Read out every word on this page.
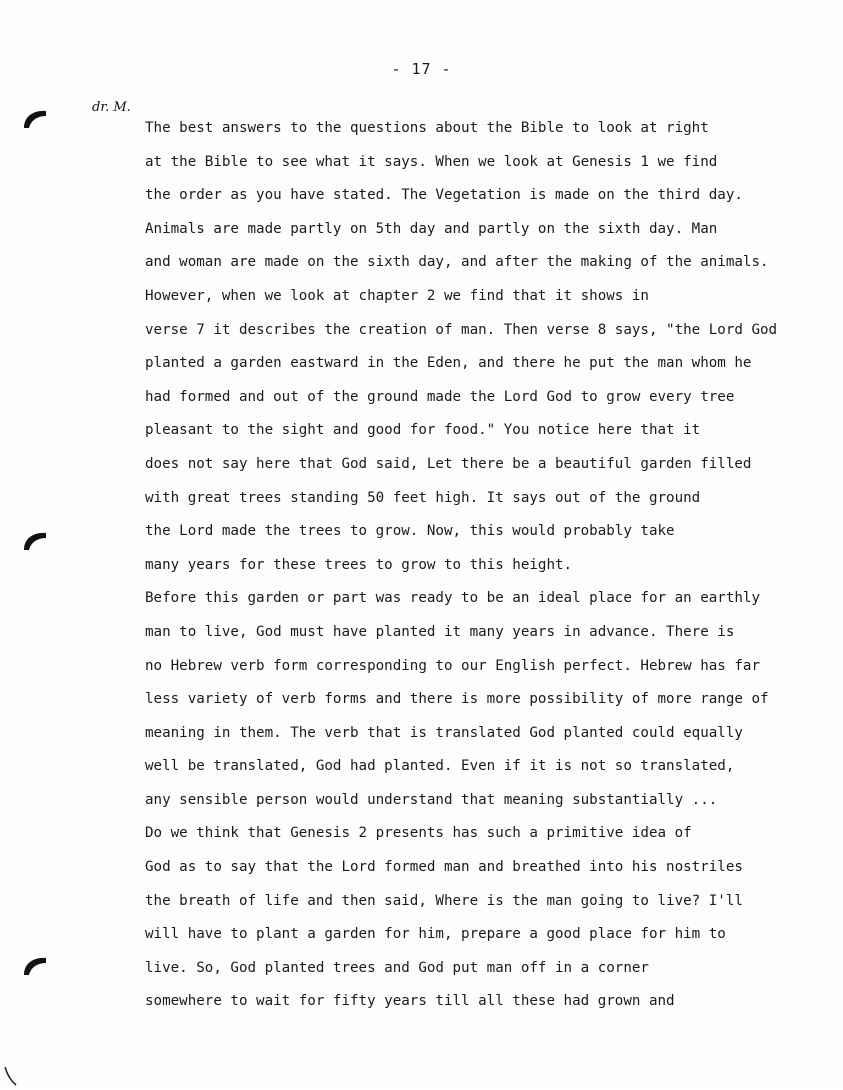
- 17 -
dr. M.
The best answers to the questions about the Bible to look at right
at the Bible to see what it says. When we look at Genesis 1 we find
the order as you have stated. The Vegetation is made on the third day.
Animals are made partly on 5th day and partly on the sixth day. Man
and woman are made on the sixth day, and after the making of the animals.
However, when we look at chapter 2 we find that it shows in
verse 7 it describes the creation of man. Then verse 8 says, "the Lord God
planted a garden eastward in the Eden, and there he put the man whom he
had formed and out of the ground made the Lord God to grow every tree
pleasant to the sight and good for food." You notice here that it
does not say here that God said, Let there be a beautiful garden filled
with great trees standing 50 feet high. It says out of the ground
the Lord made the trees to grow. Now, this would probably take
many years for these trees to grow to this height.
Before this garden or part was ready to be an ideal place for an earthly
man to live, God must have planted it many years in advance. There is
no Hebrew verb form corresponding to our English perfect. Hebrew has far
less variety of verb forms and there is more possibility of more range of
meaning in them. The verb that is translated God planted could equally
well be translated, God had planted. Even if it is not so translated,
any sensible person would understand that meaning substantially ...
Do we think that Genesis 2 presents has such a primitive idea of
God as to say that the Lord formed man and breathed into his nostriles
the breath of life and then said, Where is the man going to live? I'll
will have to plant a garden for him, prepare a good place for him to
live. So, God planted trees and God put man off in a corner
somewhere to wait for fifty years till all these had grown and
